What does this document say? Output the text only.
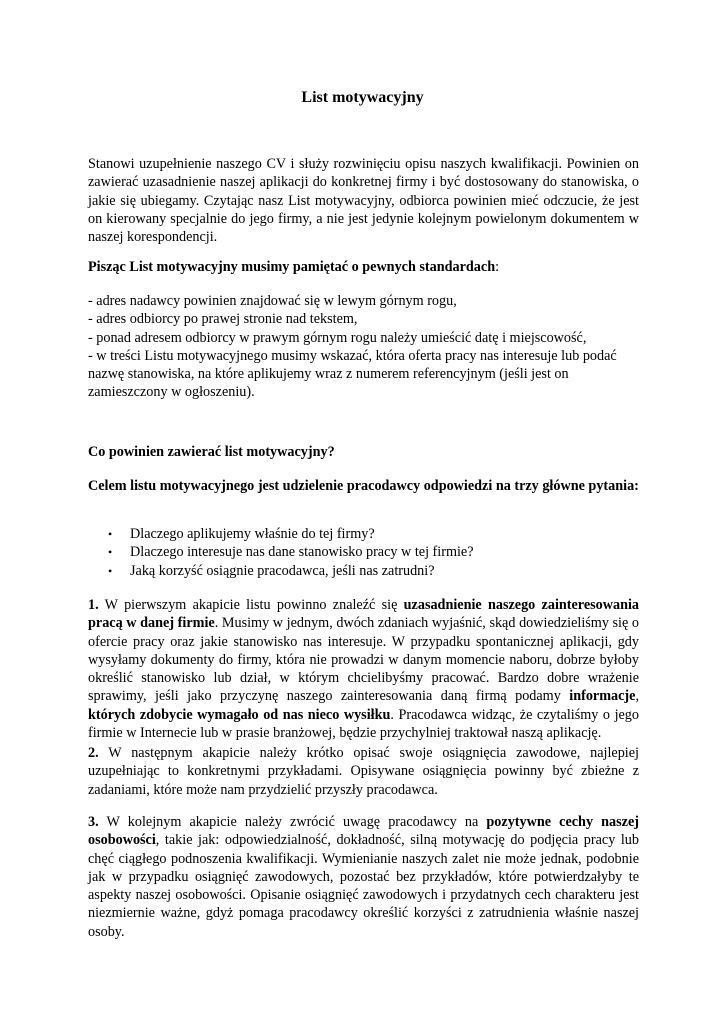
List motywacyjny

Stanowi uzupełnienie naszego CV i służy rozwinięciu opisu naszych kwalifikacji. Powinien on zawierać uzasadnienie naszej aplikacji do konkretnej firmy i być dostosowany do stanowiska, o jakie się ubiegamy. Czytając nasz List motywacyjny, odbiorca powinien mieć odczucie, że jest on kierowany specjalnie do jego firmy, a nie jest jedynie kolejnym powielonym dokumentem w naszej korespondencji.

Pisząc List motywacyjny musimy pamiętać o pewnych standardach:

- adres nadawcy powinien znajdować się w lewym górnym rogu,

- adres odbiorcy po prawej stronie nad tekstem,

- ponad adresem odbiorcy w prawym górnym rogu należy umieścić datę i miejscowość,

- w treści Listu motywacyjnego musimy wskazać, która oferta pracy nas interesuje lub podać nazwę stanowiska, na które aplikujemy wraz z numerem referencyjnym (jeśli jest on zamieszczony w ogłoszeniu).

Co powinien zawierać list motywacyjny?

Celem listu motywacyjnego jest udzielenie pracodawcy odpowiedzi na trzy główne pytania:

• Dlaczego aplikujemy właśnie do tej firmy?
• Dlaczego interesuje nas dane stanowisko pracy w tej firmie?
• Jaką korzyść osiągnie pracodawca, jeśli nas zatrudni?

1. W pierwszym akapicie listu powinno znaleźć się uzasadnienie naszego zainteresowania pracą w danej firmie. Musimy w jednym, dwóch zdaniach wyjaśnić, skąd dowiedzieliśmy się o ofercie pracy oraz jakie stanowisko nas interesuje. W przypadku spontanicznej aplikacji, gdy wysyłamy dokumenty do firmy, która nie prowadzi w danym momencie naboru, dobrze byłoby określić stanowisko lub dział, w którym chcielibyśmy pracować. Bardzo dobre wrażenie sprawimy, jeśli jako przyczynę naszego zainteresowania daną firmą podamy informacje, których zdobycie wymagało od nas nieco wysiłku. Pracodawca widząc, że czytaliśmy o jego firmie w Internecie lub w prasie branżowej, będzie przychylniej traktował naszą aplikację.

2. W następnym akapicie należy krótko opisać swoje osiągnięcia zawodowe, najlepiej uzupełniając to konkretnymi przykładami. Opisywane osiągnięcia powinny być zbieżne z zadaniami, które może nam przydzielić przyszły pracodawca.

3. W kolejnym akapicie należy zwrócić uwagę pracodawcy na pozytywne cechy naszej osobowości, takie jak: odpowiedzialność, dokładność, silną motywację do podjęcia pracy lub chęć ciągłego podnoszenia kwalifikacji. Wymienianie naszych zalet nie może jednak, podobnie jak w przypadku osiągnięć zawodowych, pozostać bez przykładów, które potwierdzałyby te aspekty naszej osobowości. Opisanie osiągnięć zawodowych i przydatnych cech charakteru jest niezmiernie ważne, gdyż pomaga pracodawcy określić korzyści z zatrudnienia właśnie naszej osoby.
